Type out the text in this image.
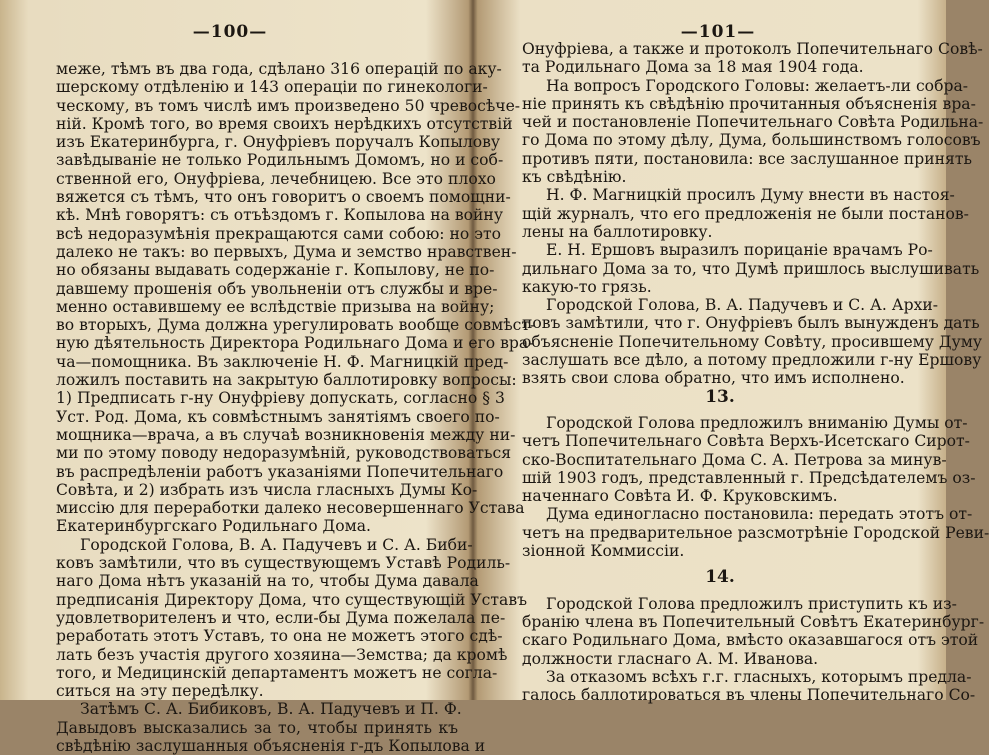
—100—
меже, тѣмъ въ два года, сдѣлано 316 операцій по аку-
шерскому отдѣленію и 143 операціи по гинекологи-
ческому, въ томъ числѣ имъ произведено 50 чревосѣче-
ній. Кромѣ того, во время своихъ нерѣдкихъ отсутствій
изъ Екатеринбурга, г. Онуфріевъ поручалъ Копылову
завѣдываніе не только Родильнымъ Домомъ, но и соб-
ственной его, Онуфріева, лечебницею. Все это плохо
вяжется съ тѣмъ, что онъ говоритъ о своемъ помощни-
кѣ. Мнѣ говорятъ: съ отъѣздомъ г. Копылова на войну
всѣ недоразумѣнія прекращаются сами собою: но это
далеко не такъ: во первыхъ, Дума и земство нравствен-
но обязаны выдавать содержаніе г. Копылову, не по-
давшему прошенія объ увольненіи отъ службы и вре-
менно оставившему ее вслѣдствіе призыва на войну;
во вторыхъ, Дума должна урегулировать вообще совмѣст-
ную дѣятельность Директора Родильнаго Дома и его вра-
ча—помощника. Въ заключеніе Н. Ф. Магницкій пред-
ложилъ поставить на закрытую баллотировку вопросы:
1) Предписать г-ну Онуфріеву допускать, согласно § 3
Уст. Род. Дома, къ совмѣстнымъ занятіямъ своего по-
мощника—врача, а въ случаѣ возникновенія между ни-
ми по этому поводу недоразумѣній, руководствоваться
въ распредѣленіи работъ указаніями Попечительнаго
Совѣта, и 2) избрать изъ числа гласныхъ Думы Ко-
миссію для переработки далеко несовершеннаго Устава
Екатеринбургскаго Родильнаго Дома.
Городской Голова, В. А. Падучевъ и С. А. Биби-
ковъ замѣтили, что въ существующемъ Уставѣ Родиль-
наго Дома нѣтъ указаній на то, чтобы Дума давала
предписанія Директору Дома, что существующій Уставъ
удовлетворителенъ и что, если-бы Дума пожелала пе-
реработать этотъ Уставъ, то она не можетъ этого сдѣ-
лать безъ участія другого хозяина—Земства; да кромѣ
того, и Медицинскій департаментъ можетъ не согла-
ситься на эту передѣлку.
Затѣмъ С. А. Бибиковъ, В. А. Падучевъ и П. Ф.
Давыдовъ высказались за то, чтобы принять къ
свѣдѣнію заслушанныя объясненія г-дъ Копылова и
—101—
Онуфріева, а также и протоколъ Попечительнаго Совѣ-
та Родильнаго Дома за 18 мая 1904 года.
На вопросъ Городского Головы: желаетъ-ли собра-
ніе принять къ свѣдѣнію прочитанныя объясненія вра-
чей и постановленіе Попечительнаго Совѣта Родильна-
го Дома по этому дѣлу, Дума, большинствомъ голосовъ
противъ пяти, постановила: все заслушанное принять
къ свѣдѣнію.
Н. Ф. Магницкій просилъ Думу внести въ настоя-
щій журналъ, что его предложенія не были постанов-
лены на баллотировку.
Е. Н. Ершовъ выразилъ порицаніе врачамъ Ро-
дильнаго Дома за то, что Думѣ пришлось выслушивать
какую-то грязь.
Городской Голова, В. А. Падучевъ и С. А. Архи-
повъ замѣтили, что г. Онуфріевъ былъ вынужденъ дать
объясненіе Попечительному Совѣту, просившему Думу
заслушать все дѣло, а потому предложили г-ну Ершову
взять свои слова обратно, что имъ исполнено.
13.
Городской Голова предложилъ вниманію Думы от-
четъ Попечительнаго Совѣта Верхъ-Исетскаго Сирот-
ско-Воспитательнаго Дома С. А. Петрова за минув-
шій 1903 годъ, представленный г. Предсѣдателемъ оз-
наченнаго Совѣта И. Ф. Круковскимъ.
Дума единогласно постановила: передать этотъ от-
четъ на предварительное разсмотрѣніе Городской Реви-
зіонной Коммиссіи.
14.
Городской Голова предложилъ приступить къ из-
бранію члена въ Попечительный Совѣтъ Екатеринбург-
скаго Родильнаго Дома, вмѣсто оказавшагося отъ этой
должности гласнаго А. М. Иванова.
За отказомъ всѣхъ г.г. гласныхъ, которымъ предла-
галось баллотироваться въ члены Попечительнаго Со-
